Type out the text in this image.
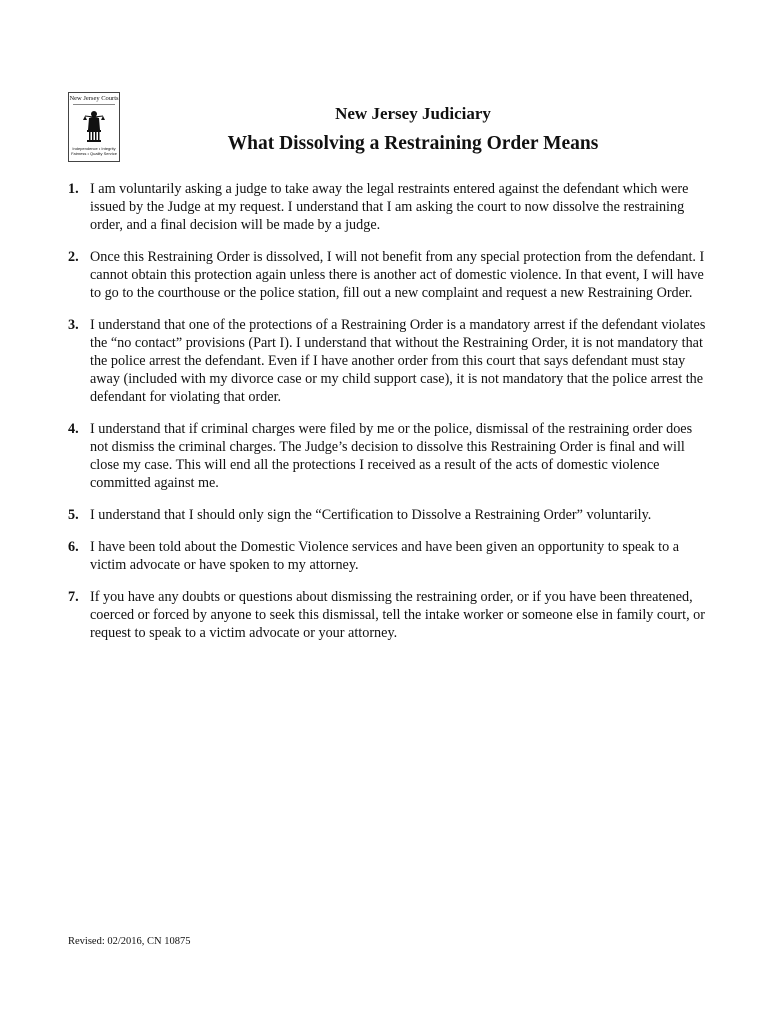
New Jersey Courts
Independence • Integrity
Fairness • Quality Service
New Jersey Judiciary
What Dissolving a Restraining Order Means
1. I am voluntarily asking a judge to take away the legal restraints entered against the defendant which were issued by the Judge at my request. I understand that I am asking the court to now dissolve the restraining order, and a final decision will be made by a judge.
2. Once this Restraining Order is dissolved, I will not benefit from any special protection from the defendant. I cannot obtain this protection again unless there is another act of domestic violence. In that event, I will have to go to the courthouse or the police station, fill out a new complaint and request a new Restraining Order.
3. I understand that one of the protections of a Restraining Order is a mandatory arrest if the defendant violates the “no contact” provisions (Part I). I understand that without the Restraining Order, it is not mandatory that the police arrest the defendant. Even if I have another order from this court that says defendant must stay away (included with my divorce case or my child support case), it is not mandatory that the police arrest the defendant for violating that order.
4. I understand that if criminal charges were filed by me or the police, dismissal of the restraining order does not dismiss the criminal charges. The Judge’s decision to dissolve this Restraining Order is final and will close my case. This will end all the protections I received as a result of the acts of domestic violence committed against me.
5. I understand that I should only sign the “Certification to Dissolve a Restraining Order” voluntarily.
6. I have been told about the Domestic Violence services and have been given an opportunity to speak to a victim advocate or have spoken to my attorney.
7. If you have any doubts or questions about dismissing the restraining order, or if you have been threatened, coerced or forced by anyone to seek this dismissal, tell the intake worker or someone else in family court, or request to speak to a victim advocate or your attorney.
Revised: 02/2016, CN 10875
